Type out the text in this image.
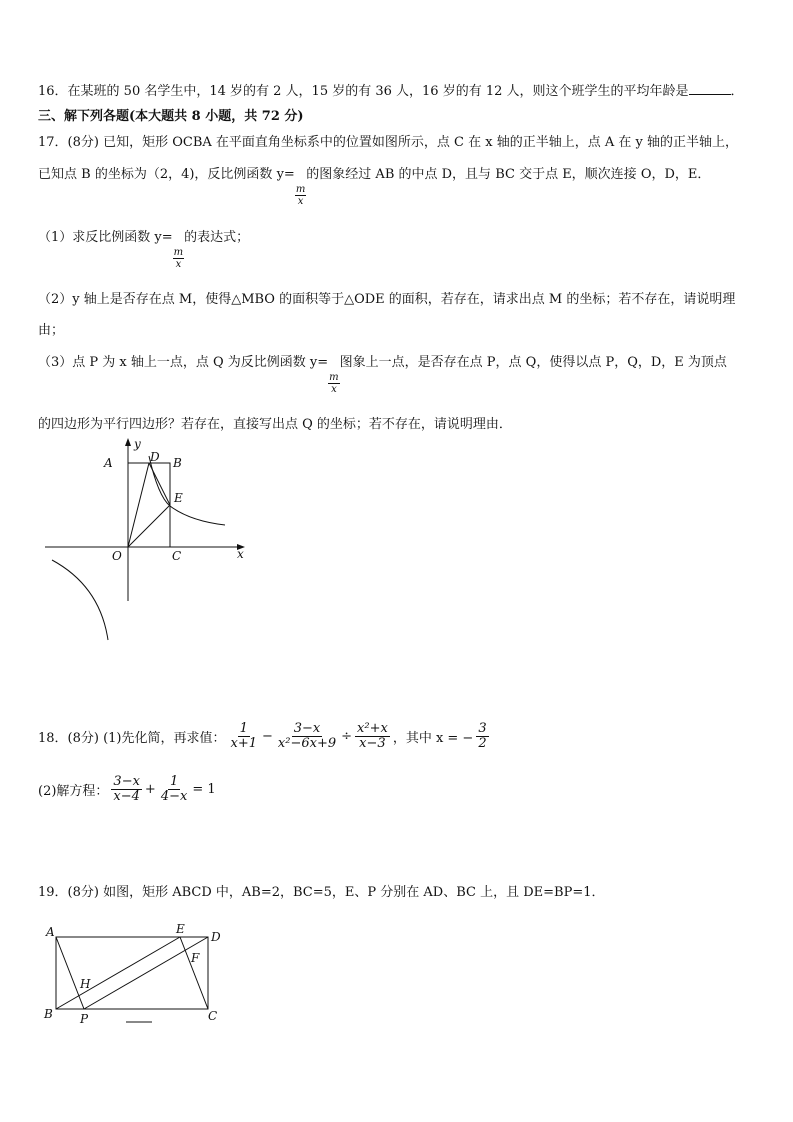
16．在某班的 50 名学生中，14 岁的有 2 人，15 岁的有 36 人，16 岁的有 12 人，则这个班学生的平均年龄是	．
三、解下列各题(本大题共 8 小题，共 72 分)
17．(8分) 已知，矩形 OCBA 在平面直角坐标系中的位置如图所示，点 C 在 x 轴的正半轴上，点 A 在 y 轴的正半轴上，
已知点 B 的坐标为（2，4)，反比例函数 y=
$\frac{m}{x}$
的图象经过 AB 的中点 D，且与 BC 交于点 E，顺次连接 O，D，E．
（1）求反比例函数 y=
$\frac{m}{x}$
的表达式；
（2）y 轴上是否存在点 M，使得△MBO 的面积等于△ODE 的面积，若存在，请求出点 M 的坐标；若不存在，请说明理
由；
（3）点 P 为 x 轴上一点，点 Q 为反比例函数 y=
$\frac{m}{x}$
图象上一点，是否存在点 P，点 Q，使得以点 P，Q，D，E 为顶点
的四边形为平行四边形？若存在，直接写出点 Q 的坐标；若不存在，请说明理由．
A
y
D B
E
O	C	x
18．(8分) (1)先化简，再求值： $\frac{1}{x+1} - \frac{3-x}{\text{x²−6x+9}} \div \frac{\text{x²+x}}{x-3}$ ，其中 x = − $\frac{3}{2}$
(2)解方程： $\frac{3-x}{x-4} + \frac{1}{4-x} = 1$
19．(8分) 如图，矩形 ABCD 中，AB=2，BC=5，E、P 分别在 AD、BC 上，且 DE=BP=1．
A	E
D
F
H
B P	C
